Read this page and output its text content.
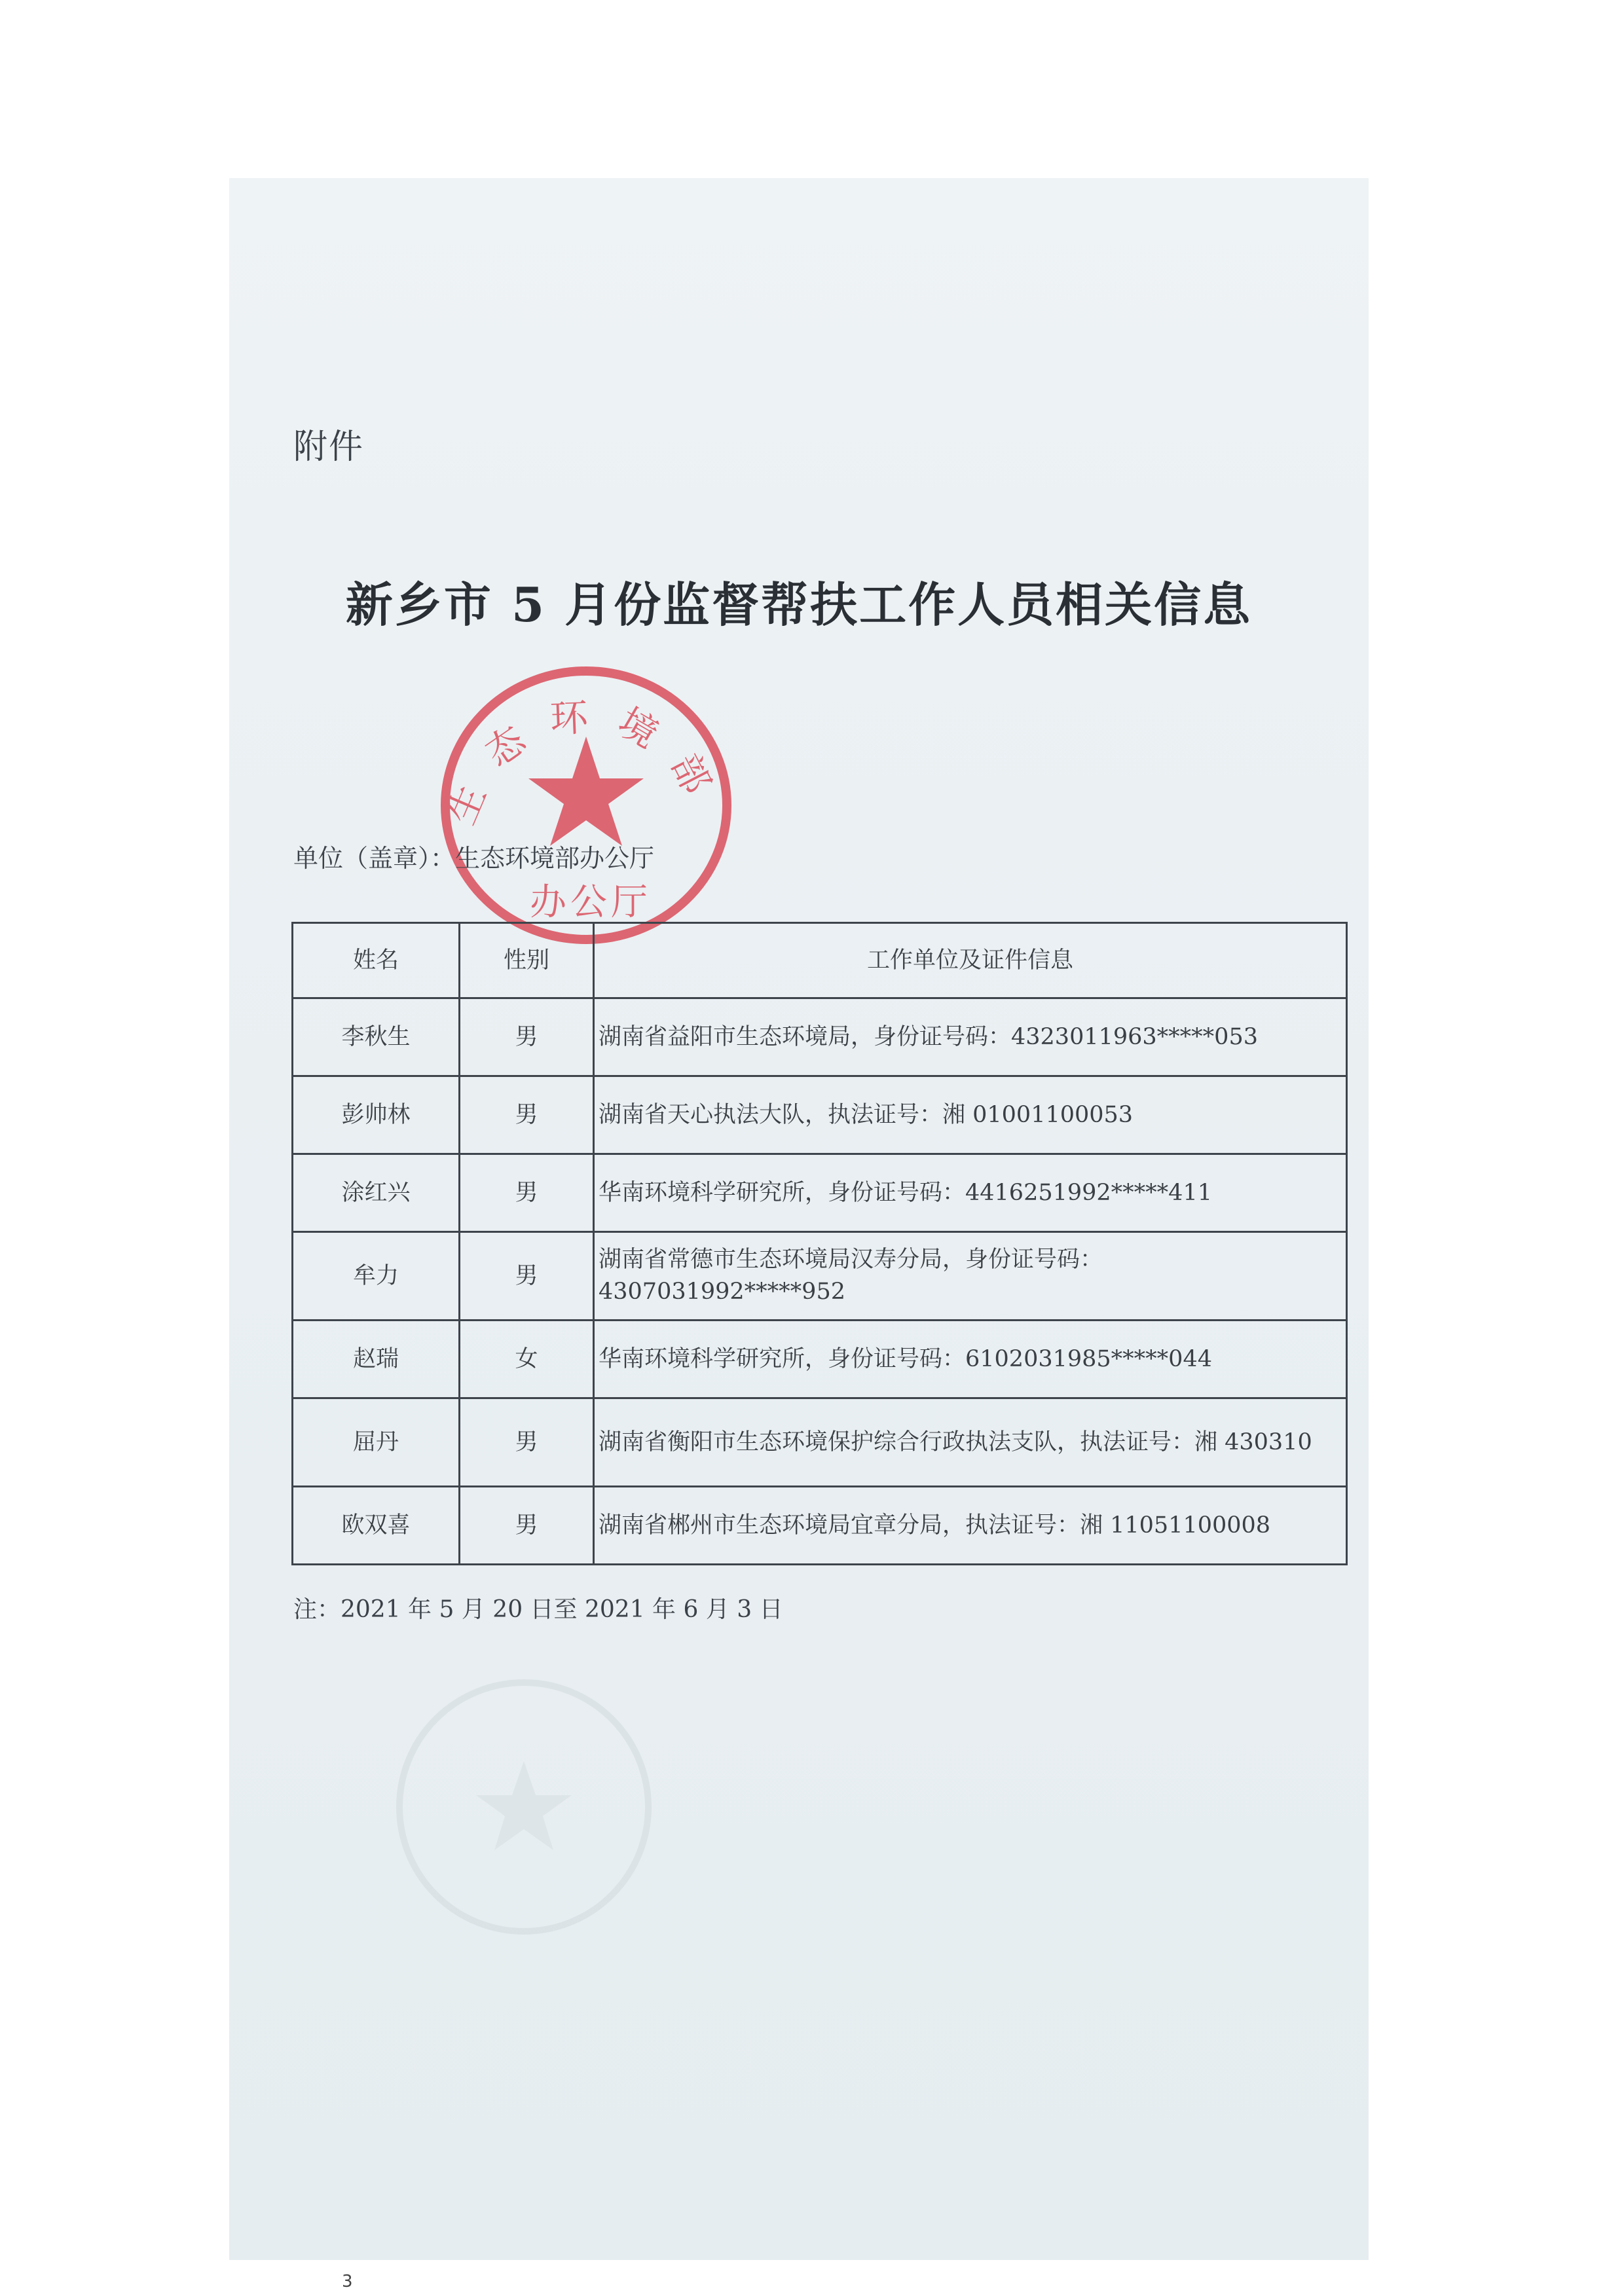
附件
新乡市 5 月份监督帮扶工作人员相关信息
生态环境部
办公厅
单位（盖章）：生态环境部办公厅
姓名	性别	工作单位及证件信息
李秋生	男	湖南省益阳市生态环境局，身份证号码：4323011963*****053
彭帅林	男	湖南省天心执法大队，执法证号：湘 01001100053
涂红兴	男	华南环境科学研究所，身份证号码：4416251992*****411
牟力	男	湖南省常德市生态环境局汉寿分局，身份证号码：4307031992*****952
赵瑞	女	华南环境科学研究所，身份证号码：6102031985*****044
屈丹	男	湖南省衡阳市生态环境保护综合行政执法支队，执法证号：湘 430310
欧双喜	男	湖南省郴州市生态环境局宜章分局，执法证号：湘 11051100008
注：2021 年 5 月 20 日至 2021 年 6 月 3 日
3
